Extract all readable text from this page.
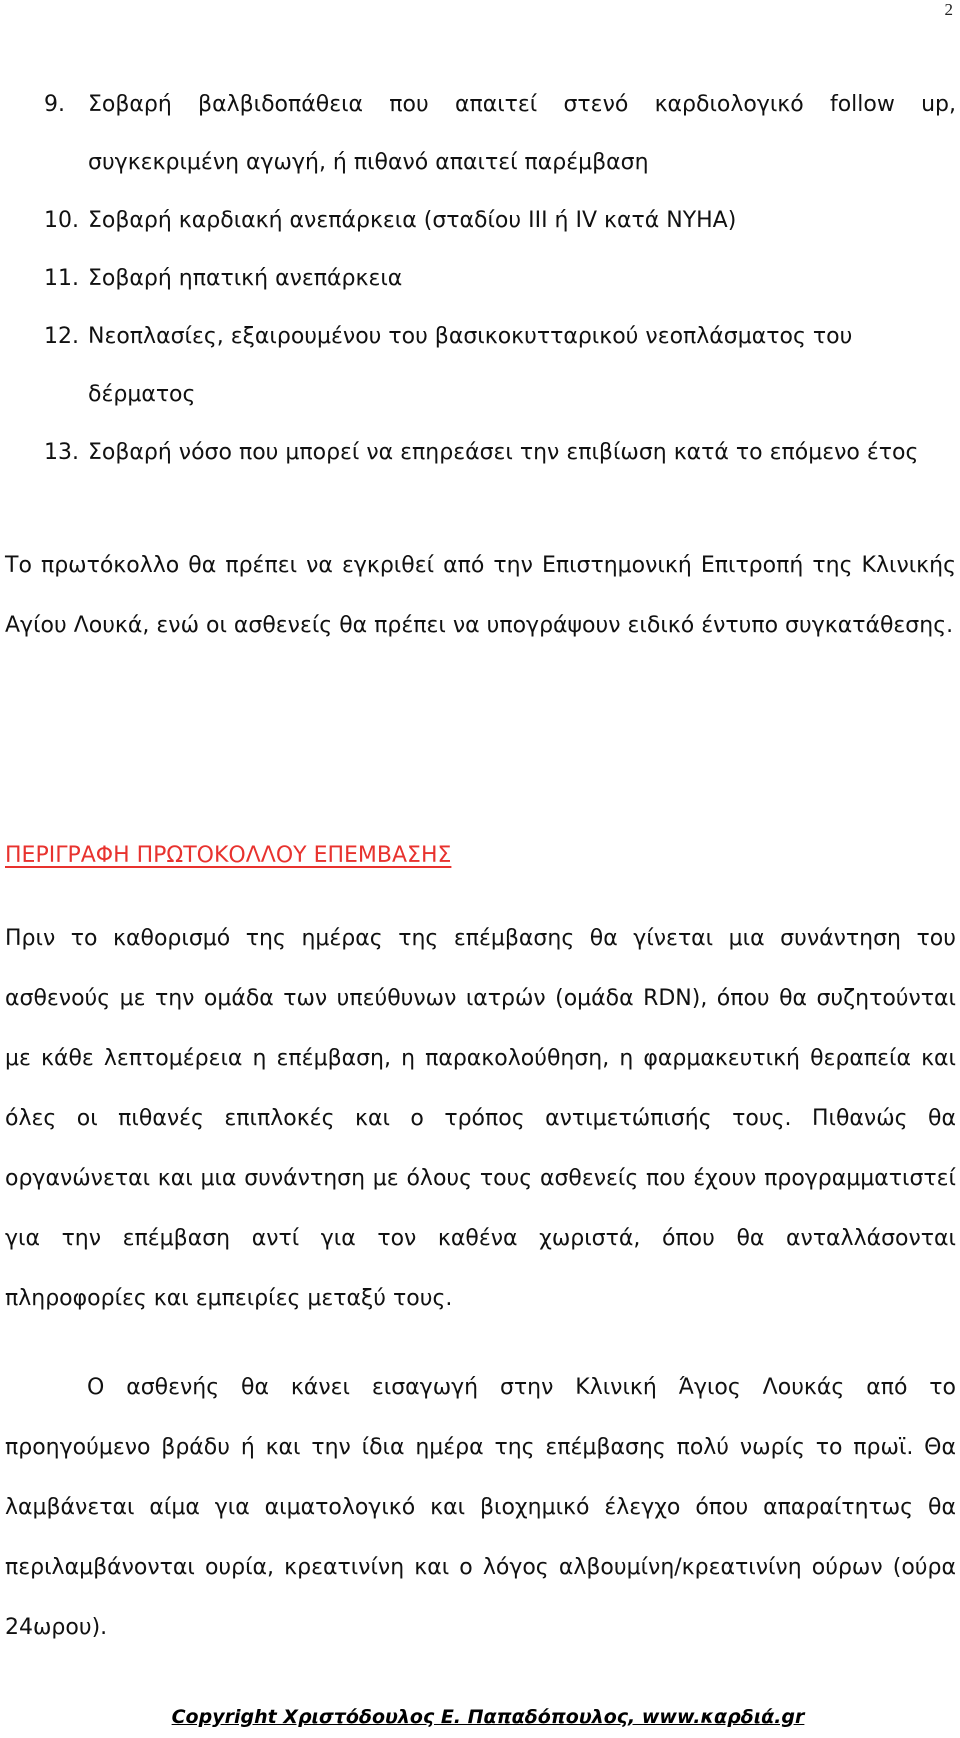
2
9.	Σοβαρή βαλβιδοπάθεια που απαιτεί στενό καρδιολογικό follow up,
συγκεκριμένη αγωγή, ή πιθανό απαιτεί παρέμβαση
10. Σοβαρή καρδιακή ανεπάρκεια (σταδίου III ή IV κατά NYHA)
11. Σοβαρή ηπατική ανεπάρκεια
12. Νεοπλασίες, εξαιρουμένου του βασικοκυτταρικού νεοπλάσματος του δέρματος
13. Σοβαρή νόσο που μπορεί να επηρεάσει την επιβίωση κατά το επόμενο έτος

Το πρωτόκολλο θα πρέπει να εγκριθεί από την Επιστημονική Επιτροπή της Κλινικής Αγίου Λουκά, ενώ οι ασθενείς θα πρέπει να υπογράψουν ειδικό έντυπο συγκατάθεσης.

ΠΕΡΙΓΡΑΦΗ ΠΡΩΤΟΚΟΛΛΟΥ ΕΠΕΜΒΑΣΗΣ

Πριν το καθορισμό της ημέρας της επέμβασης θα γίνεται μια συνάντηση του ασθενούς με την ομάδα των υπεύθυνων ιατρών (ομάδα RDN), όπου θα συζητούνται με κάθε λεπτομέρεια η επέμβαση, η παρακολούθηση, η φαρμακευτική θεραπεία και όλες οι πιθανές επιπλοκές και ο τρόπος αντιμετώπισής τους. Πιθανώς θα οργανώνεται και μια συνάντηση με όλους τους ασθενείς που έχουν προγραμματιστεί για την επέμβαση αντί για τον καθένα χωριστά, όπου θα ανταλλάσονται πληροφορίες και εμπειρίες μεταξύ τους.

Ο ασθενής θα κάνει εισαγωγή στην Κλινική Άγιος Λουκάς από το προηγούμενο βράδυ ή και την ίδια ημέρα της επέμβασης πολύ νωρίς το πρωϊ. Θα λαμβάνεται αίμα για αιματολογικό και βιοχημικό έλεγχο όπου απαραίτητως θα περιλαμβάνονται ουρία, κρεατινίνη και ο λόγος αλβουμίνη/κρεατινίνη ούρων (ούρα 24ωρου).

Copyright Χριστόδουλος Ε. Παπαδόπουλος, www.καρδιά.gr
